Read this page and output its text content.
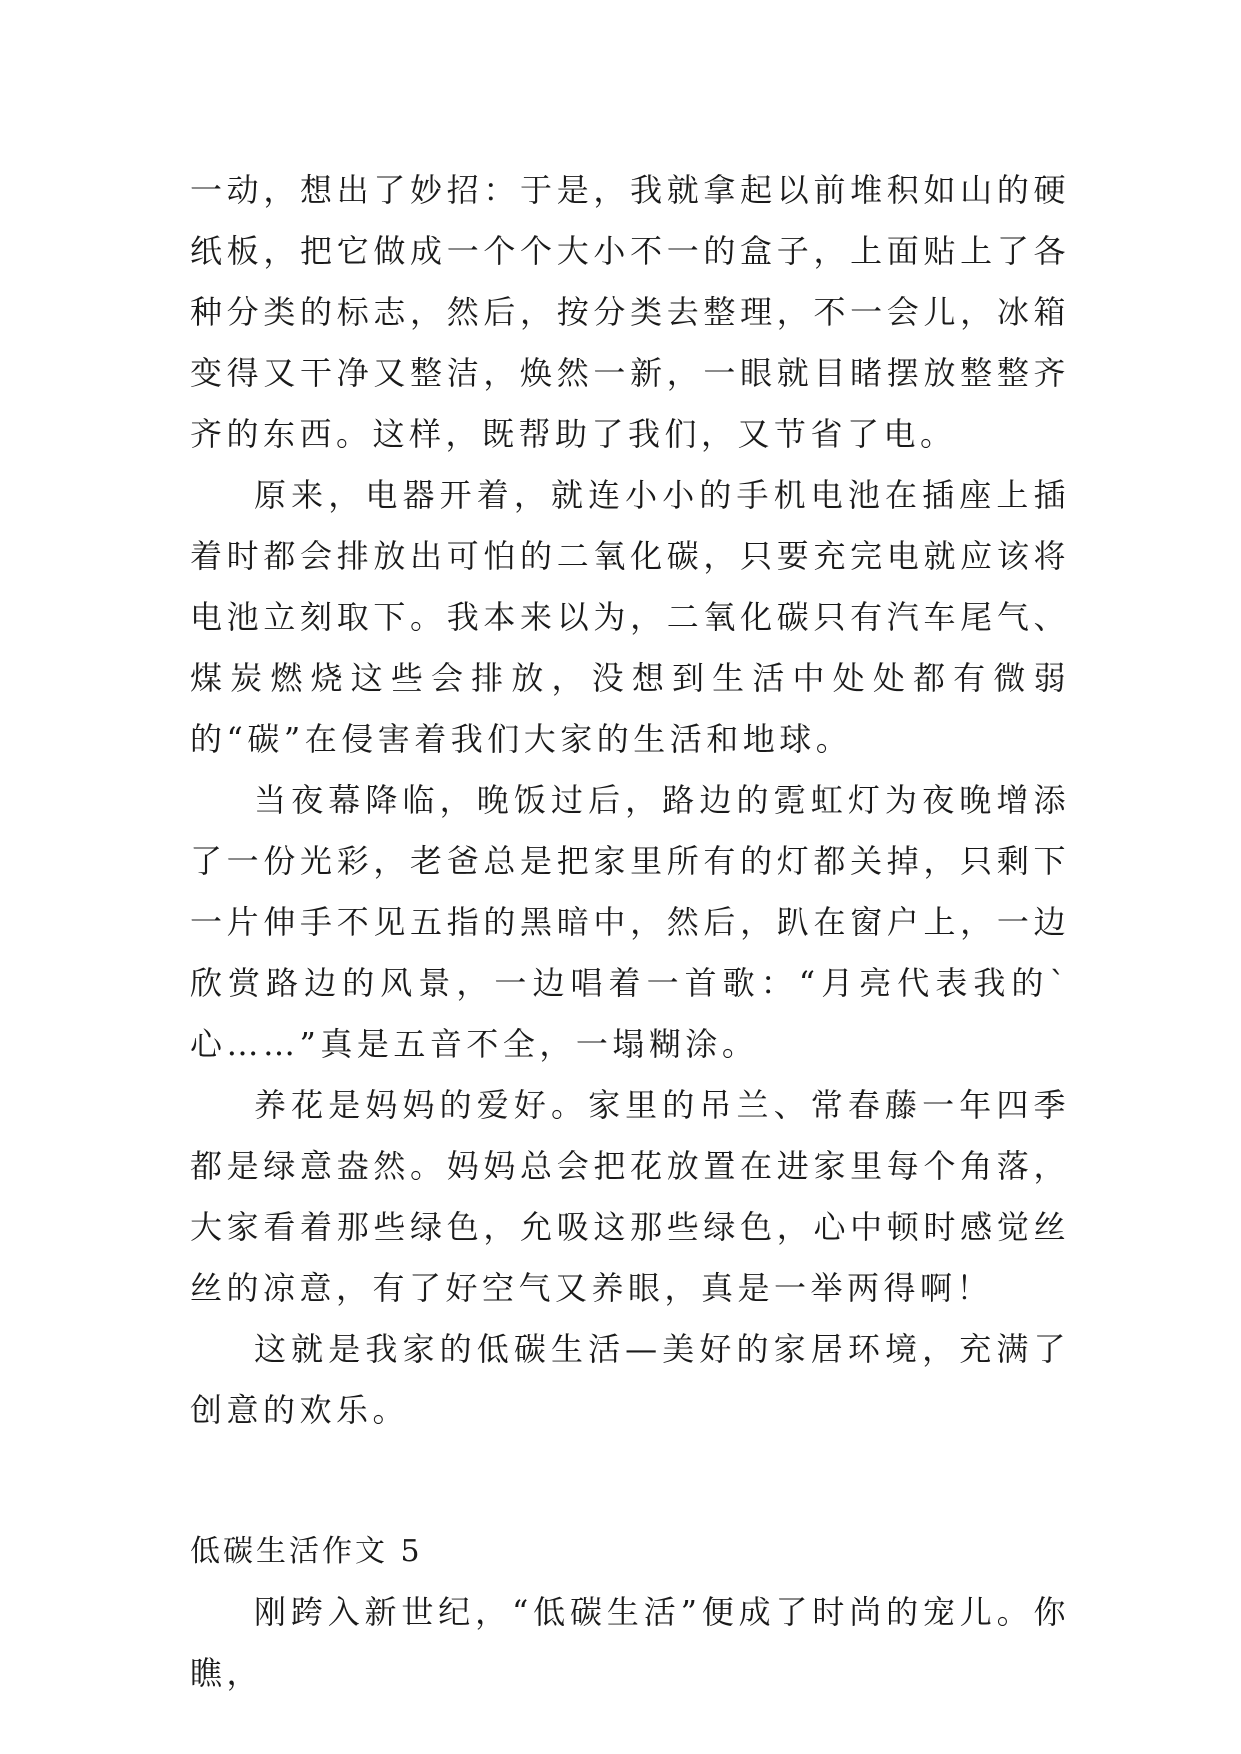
一动，想出了妙招：于是，我就拿起以前堆积如山的硬纸板，把它做成一个个大小不一的盒子，上面贴上了各种分类的标志，然后，按分类去整理，不一会儿，冰箱变得又干净又整洁，焕然一新，一眼就目睹摆放整整齐齐的东西。这样，既帮助了我们，又节省了电。

原来，电器开着，就连小小的手机电池在插座上插着时都会排放出可怕的二氧化碳，只要充完电就应该将电池立刻取下。我本来以为，二氧化碳只有汽车尾气、煤炭燃烧这些会排放，没想到生活中处处都有微弱的“碳”在侵害着我们大家的生活和地球。

当夜幕降临，晚饭过后，路边的霓虹灯为夜晚增添了一份光彩，老爸总是把家里所有的灯都关掉，只剩下一片伸手不见五指的黑暗中，然后，趴在窗户上，一边欣赏路边的风景，一边唱着一首歌：“月亮代表我的`心……”真是五音不全，一塌糊涂。

养花是妈妈的爱好。家里的吊兰、常春藤一年四季都是绿意盎然。妈妈总会把花放置在进家里每个角落，大家看着那些绿色，允吸这那些绿色，心中顿时感觉丝丝的凉意，有了好空气又养眼，真是一举两得啊！

这就是我家的低碳生活—美好的家居环境，充满了创意的欢乐。

低碳生活作文 5

刚跨入新世纪，“低碳生活”便成了时尚的宠儿。你瞧，
